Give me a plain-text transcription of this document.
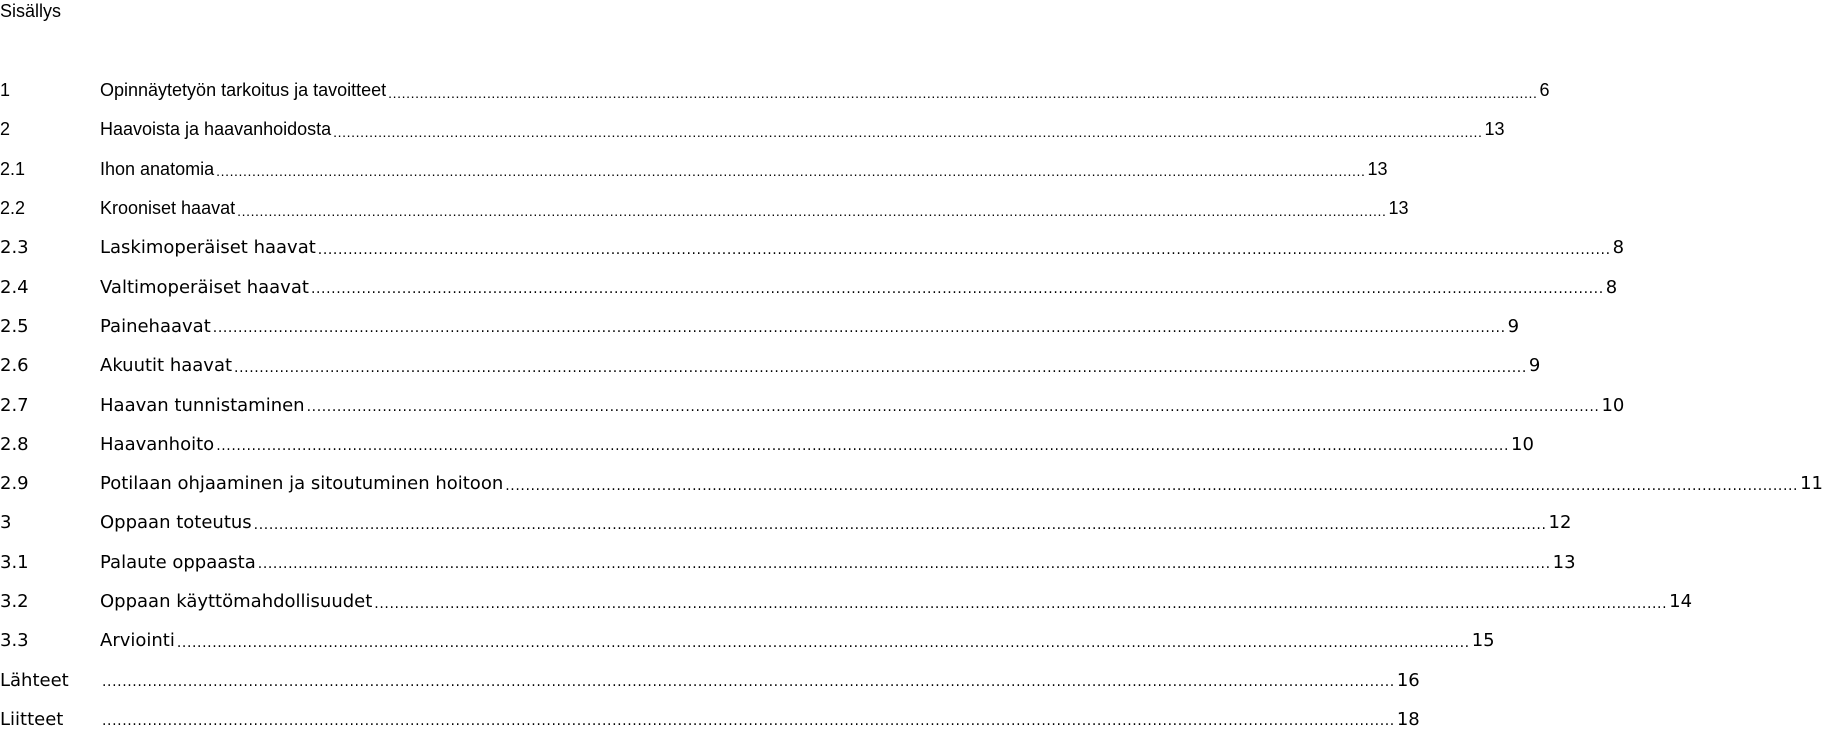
Sisällys
1	Opinnäytetyön tarkoitus ja tavoitteet ................................................................................................................................................................................................................................................................ 6
2	Haavoista ja haavanhoidosta ................................................................................................................................................................................................................................................................ 13
2.1	Ihon anatomia ................................................................................................................................................................................................................................................................ 13
2.2	Krooniset haavat ................................................................................................................................................................................................................................................................ 13
2.3	Laskimoperäiset haavat ................................................................................................................................................................................................................................................................ 8
2.4	Valtimoperäiset haavat ................................................................................................................................................................................................................................................................ 8
2.5	Painehaavat ................................................................................................................................................................................................................................................................ 9
2.6	Akuutit haavat ................................................................................................................................................................................................................................................................ 9
2.7	Haavan tunnistaminen ................................................................................................................................................................................................................................................................ 10
2.8	Haavanhoito ................................................................................................................................................................................................................................................................ 10
2.9	Potilaan ohjaaminen ja sitoutuminen hoitoon ................................................................................................................................................................................................................................................................ 11
3	Oppaan toteutus ................................................................................................................................................................................................................................................................ 12
3.1	Palaute oppaasta ................................................................................................................................................................................................................................................................ 13
3.2	Oppaan käyttömahdollisuudet ................................................................................................................................................................................................................................................................ 14
3.3	Arviointi ................................................................................................................................................................................................................................................................ 15
Lähteet	................................................................................................................................................................................................................................................................ 16
Liitteet	................................................................................................................................................................................................................................................................ 18
